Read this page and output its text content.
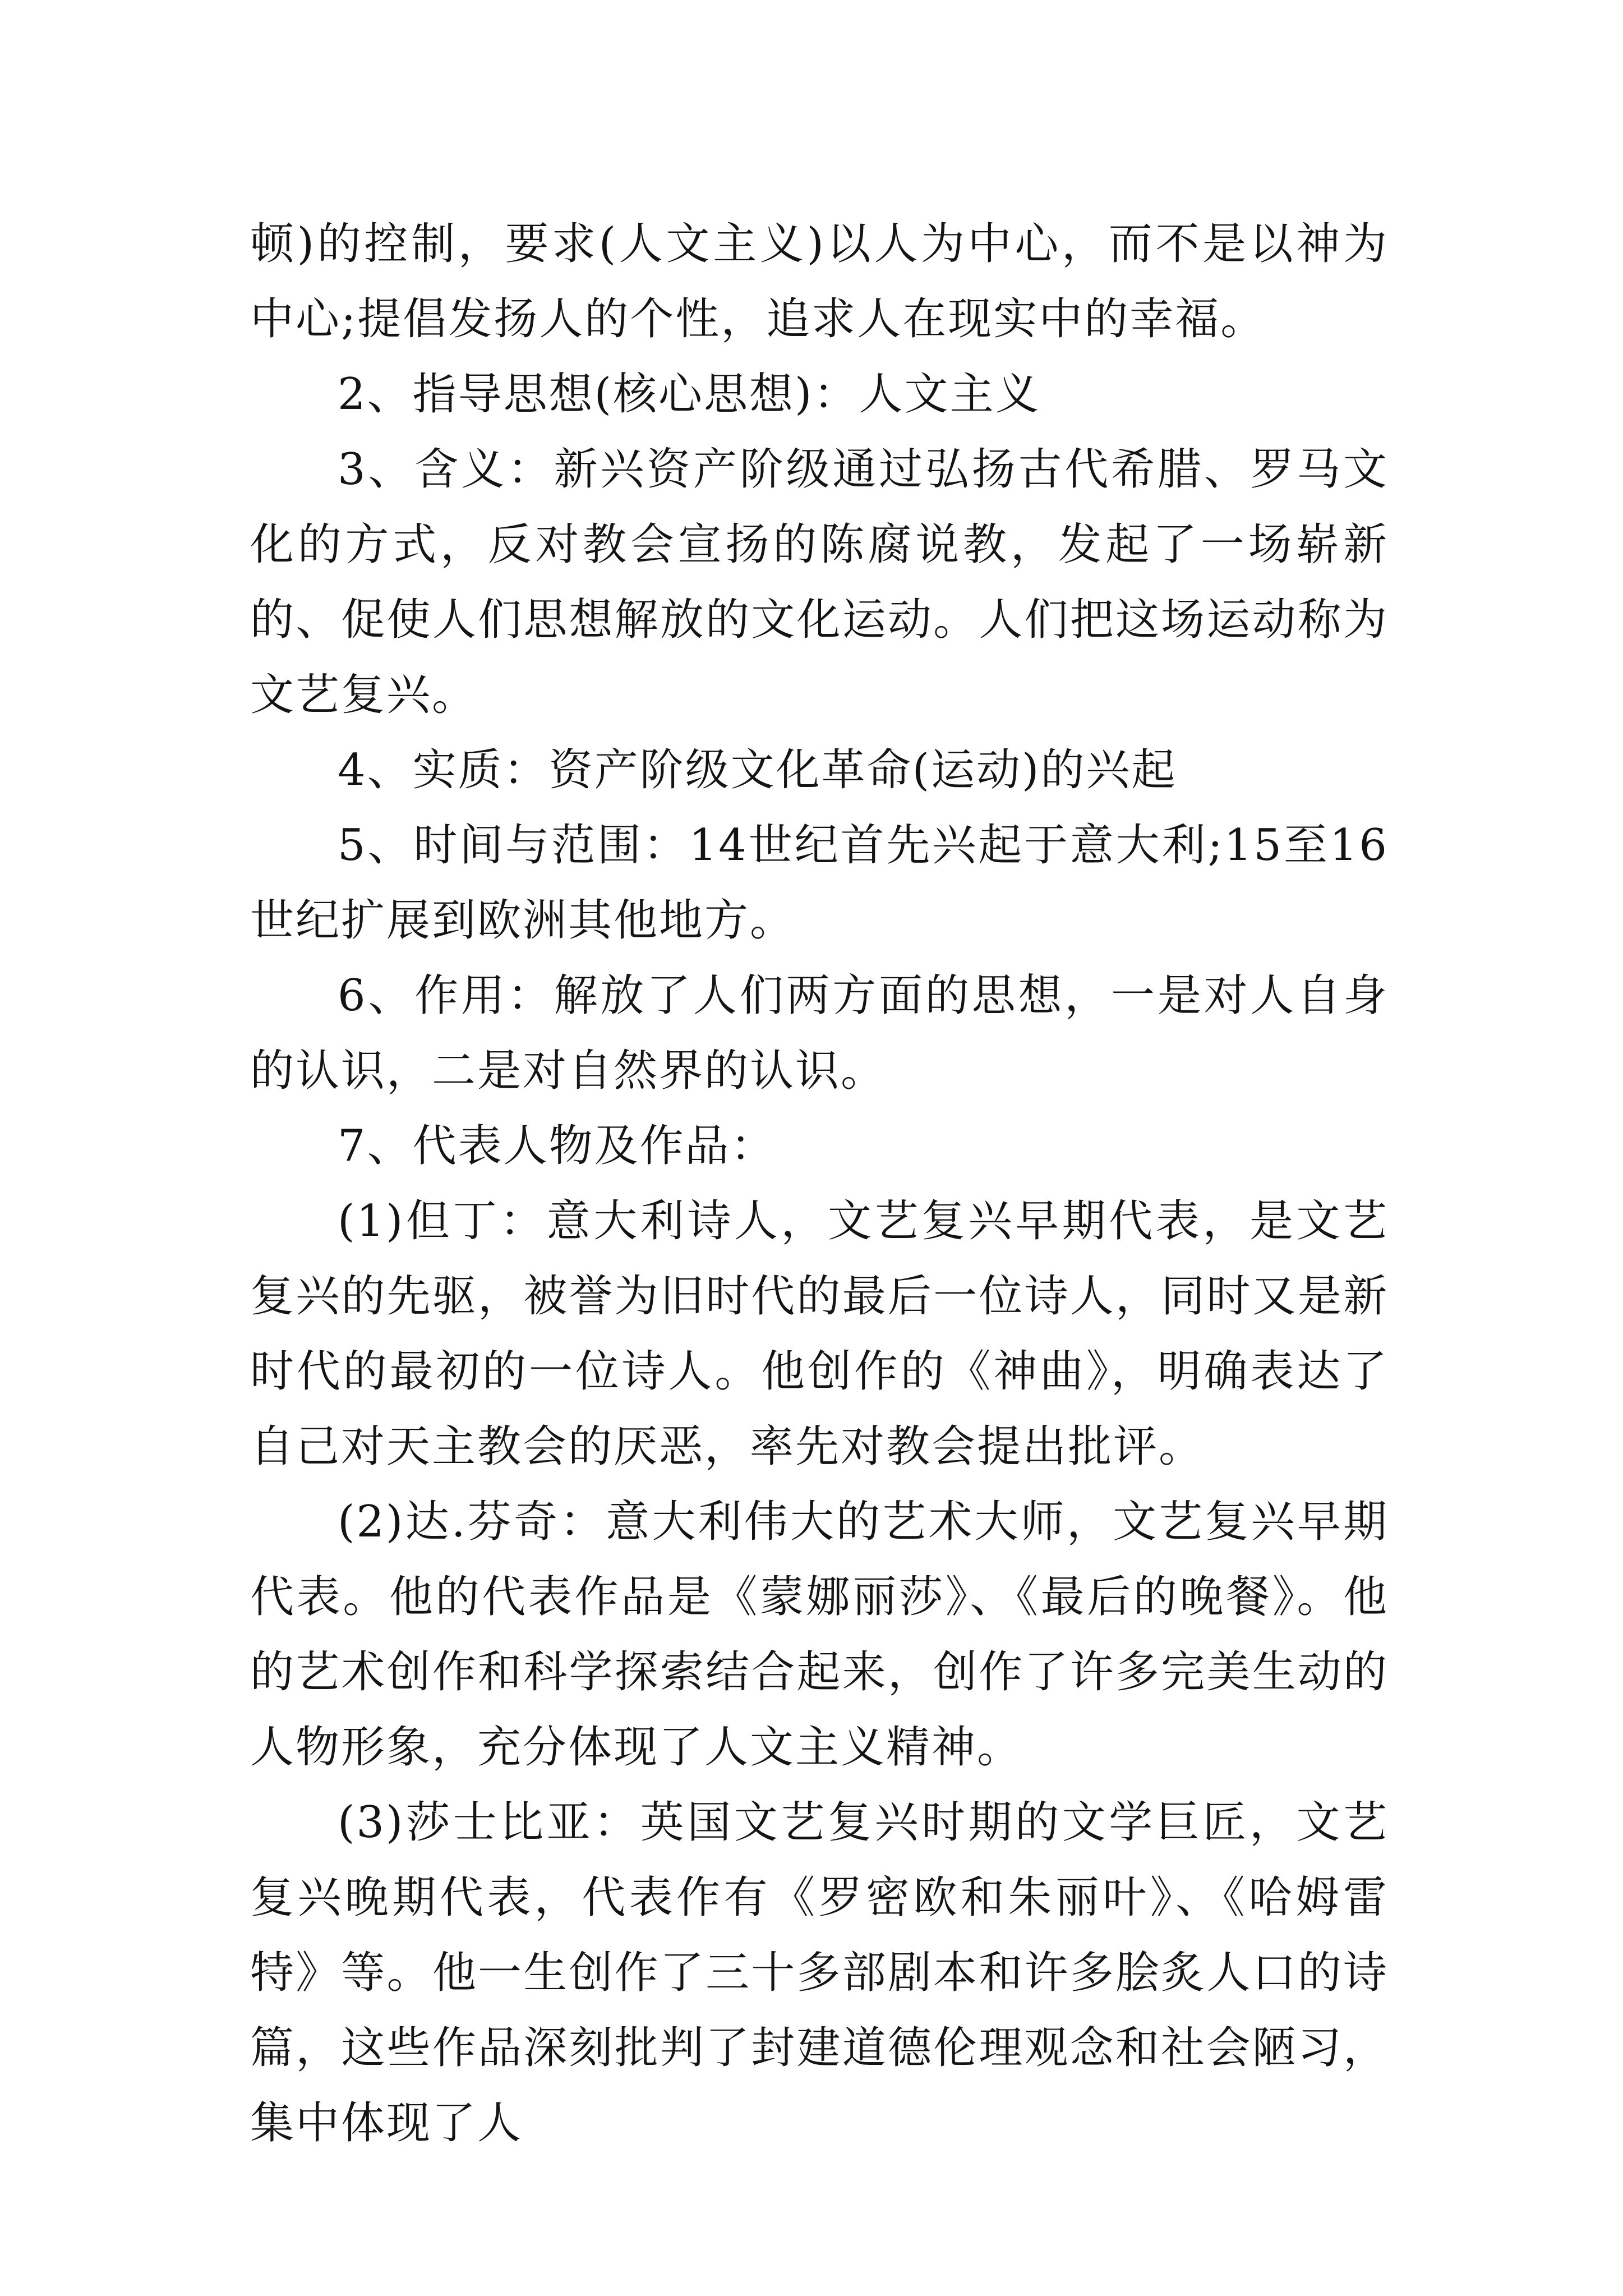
顿)的控制，要求(人文主义)以人为中心，而不是以神为中心;提倡发扬人的个性，追求人在现实中的幸福。

2、指导思想(核心思想)：人文主义

3、含义：新兴资产阶级通过弘扬古代希腊、罗马文化的方式，反对教会宣扬的陈腐说教，发起了一场崭新的、促使人们思想解放的文化运动。人们把这场运动称为文艺复兴。

4、实质：资产阶级文化革命(运动)的兴起

5、时间与范围：14世纪首先兴起于意大利;15至16世纪扩展到欧洲其他地方。

6、作用：解放了人们两方面的思想，一是对人自身的认识，二是对自然界的认识。

7、代表人物及作品：

(1)但丁：意大利诗人，文艺复兴早期代表，是文艺复兴的先驱，被誉为旧时代的最后一位诗人，同时又是新时代的最初的一位诗人。他创作的《神曲》，明确表达了自己对天主教会的厌恶，率先对教会提出批评。

(2)达.芬奇：意大利伟大的艺术大师，文艺复兴早期代表。他的代表作品是《蒙娜丽莎》、《最后的晚餐》。他的艺术创作和科学探索结合起来，创作了许多完美生动的人物形象，充分体现了人文主义精神。

(3)莎士比亚：英国文艺复兴时期的文学巨匠，文艺复兴晚期代表，代表作有《罗密欧和朱丽叶》、《哈姆雷特》等。他一生创作了三十多部剧本和许多脍炙人口的诗篇，这些作品深刻批判了封建道德伦理观念和社会陋习，集中体现了人
